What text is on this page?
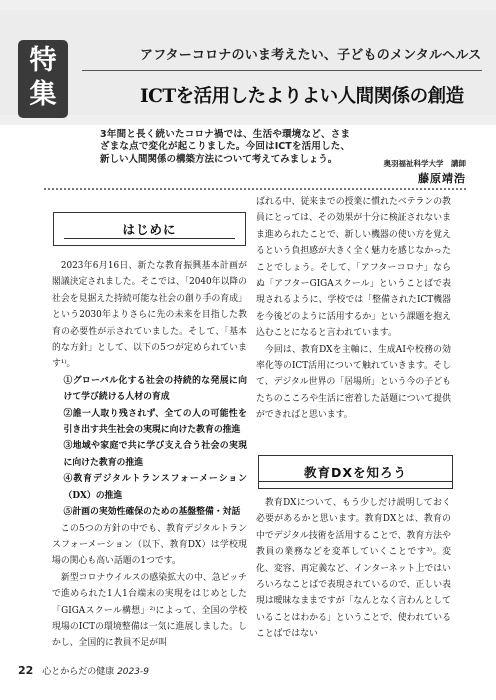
特
集
アフターコロナのいま考えたい、子どものメンタルヘルス
ICTを活用したよりよい人間関係の創造
3年間と長く続いたコロナ禍では、生活や環境など、さまざまな点で変化が起こりました。今回はICTを活用した、新しい人間関係の構築方法について考えてみましょう。	奥羽福祉科学大学　講師
藤原靖浩
はじめに

2023年6月16日、新たな教育振興基本計画が閣議決定されました。そこでは、「2040年以降の社会を見据えた持続可能な社会の創り手の育成」という2030年よりさらに先の未来を目指した教育の必要性が示されていました。そして、「基本的な方針」として、以下の5つが定められています¹⁾。

①グローバル化する社会の持続的な発展に向けて学び続ける人材の育成

②誰一人取り残されず、全ての人の可能性を引き出す共生社会の実現に向けた教育の推進

③地域や家庭で共に学び支え合う社会の実現に向けた教育の推進

④教育デジタルトランスフォーメーション（DX）の推進

⑤計画の実効性確保のための基盤整備・対話

この5つの方針の中でも、教育デジタルトランスフォーメーション（以下、教育DX）は学校現場の関心も高い話題の1つです。

新型コロナウイルスの感染拡大の中、急ピッチで進められた1人1台端末の実現をはじめとした「GIGAスクール構想」²⁾によって、全国の学校現場のICTの環境整備は一気に進展しました。しかし、全国的に教員不足が叫

ばれる中、従来までの授業に慣れたベテランの教員にとっては、その効果が十分に検証されないまま進められたことで、新しい機器の使い方を覚えるという負担感が大きく全く魅力を感じなかったことでしょう。そして、「アフターコロナ」ならぬ「アフターGIGAスクール」ということばで表現されるように、学校では「整備されたICT機器を今後どのように活用するか」という課題を抱え込むことになると言われています。

今回は、教育DXを主軸に、生成AIや校務の効率化等のICT活用について触れていきます。そして、デジタル世界の「居場所」という今の子どもたちのこころや生活に密着した話題について提供ができればと思います。

教育DXを知ろう

教育DXについて、もう少しだけ説明しておく必要があるかと思います。教育DXとは、教育の中でデジタル技術を活用することで、教育方法や教員の業務などを変革していくことです³⁾。変化、変容、再定義など、インターネット上ではいろいろなことばで表現されているので、正しい表現は曖昧なままですが「なんとなく言わんとしていることはわかる」ということで、使われていることばではない

22 心とからだの健康 2023-9
